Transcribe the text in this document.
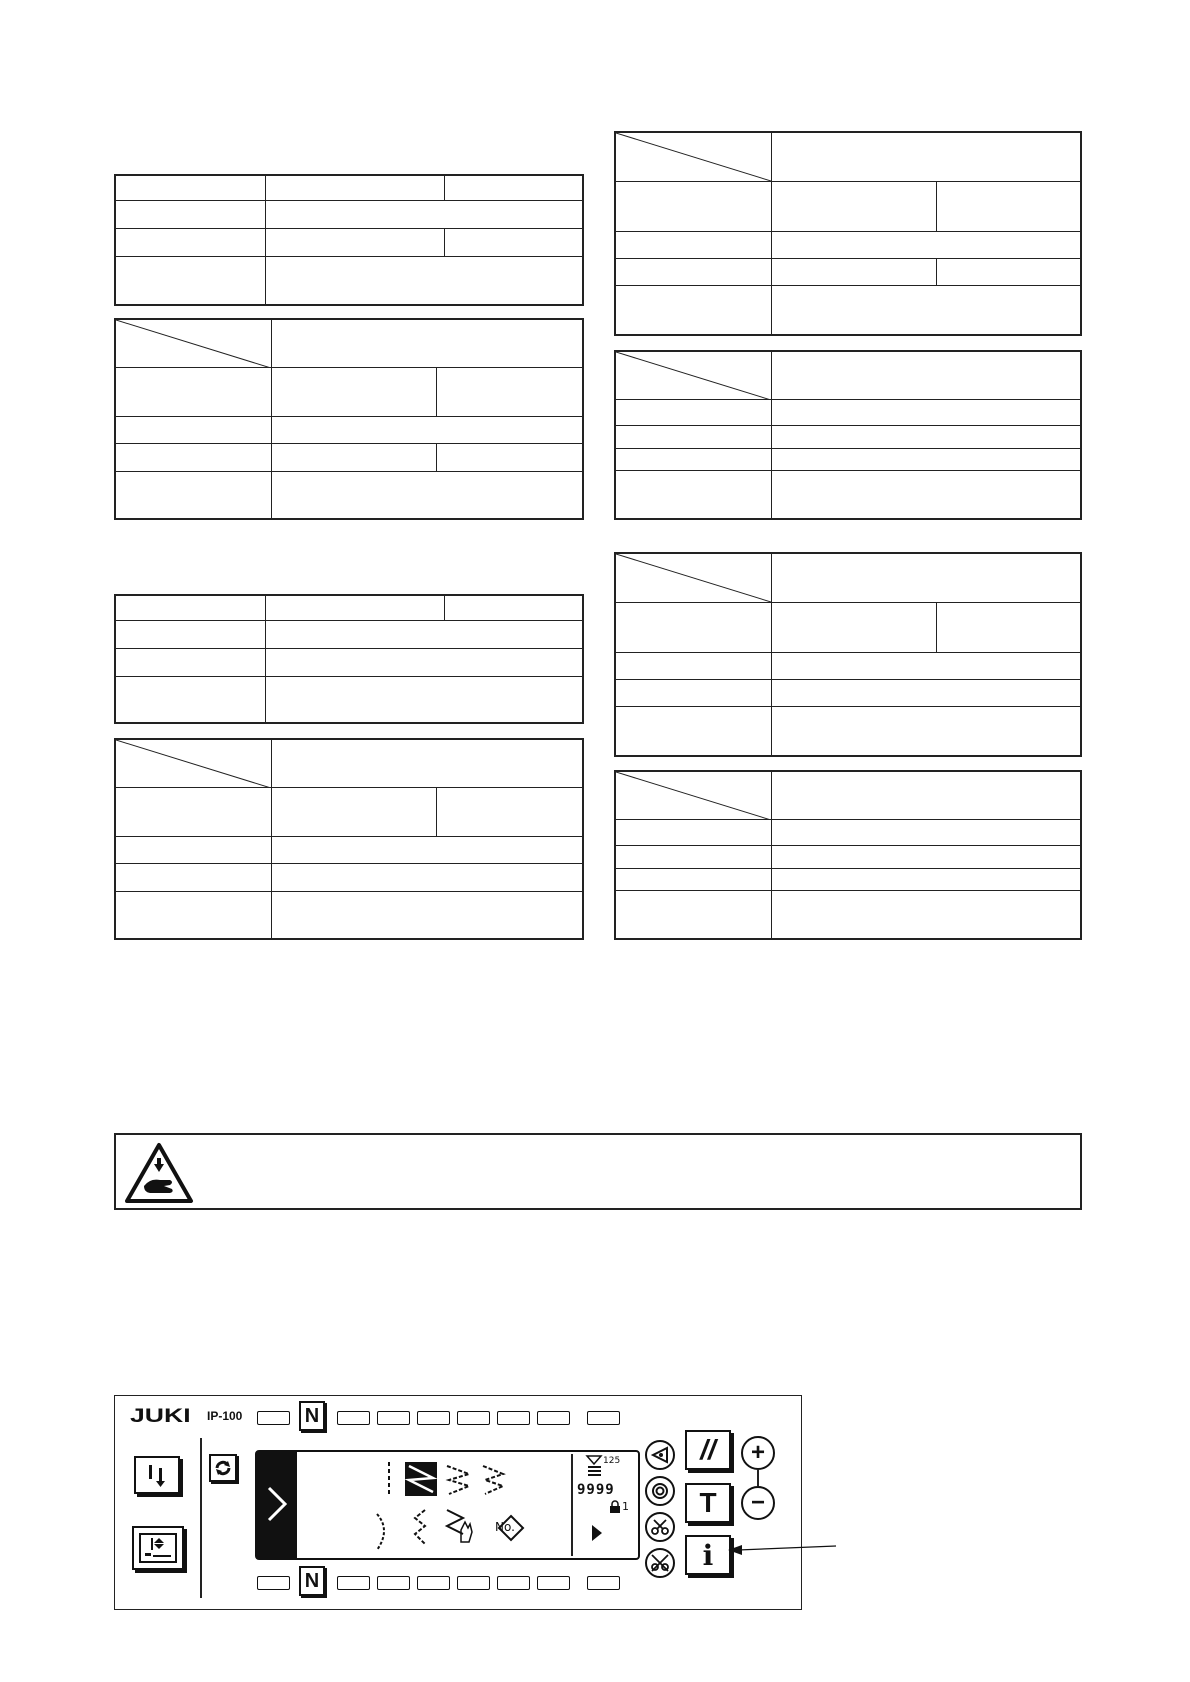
JUKI IP-100	N
No.
125
9999
1
//
T
i
+
−
N
